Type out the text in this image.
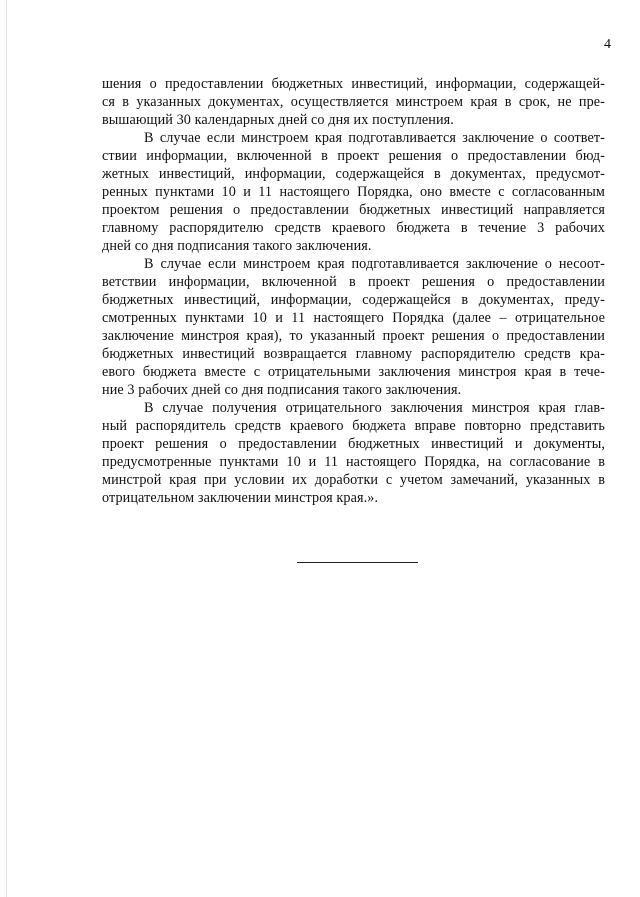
4
шения о предоставлении бюджетных инвестиций, информации, содержащей-
ся в указанных документах, осуществляется минстроем края в срок, не пре-
вышающий 30 календарных дней со дня их поступления.
В случае если минстроем края подготавливается заключение о соответ-
ствии информации, включенной в проект решения о предоставлении бюд-
жетных инвестиций, информации, содержащейся в документах, предусмот-
ренных пунктами 10 и 11 настоящего Порядка, оно вместе с согласованным
проектом решения о предоставлении бюджетных инвестиций направляется
главному распорядителю средств краевого бюджета в течение 3 рабочих
дней со дня подписания такого заключения.
В случае если минстроем края подготавливается заключение о несоот-
ветствии информации, включенной в проект решения о предоставлении
бюджетных инвестиций, информации, содержащейся в документах, преду-
смотренных пунктами 10 и 11 настоящего Порядка (далее – отрицательное
заключение минстроя края), то указанный проект решения о предоставлении
бюджетных инвестиций возвращается главному распорядителю средств кра-
евого бюджета вместе с отрицательными заключения минстроя края в тече-
ние 3 рабочих дней со дня подписания такого заключения.
В случае получения отрицательного заключения минстроя края глав-
ный распорядитель средств краевого бюджета вправе повторно представить
проект решения о предоставлении бюджетных инвестиций и документы,
предусмотренные пунктами 10 и 11 настоящего Порядка, на согласование в
минстрой края при условии их доработки с учетом замечаний, указанных в
отрицательном заключении минстроя края.».
